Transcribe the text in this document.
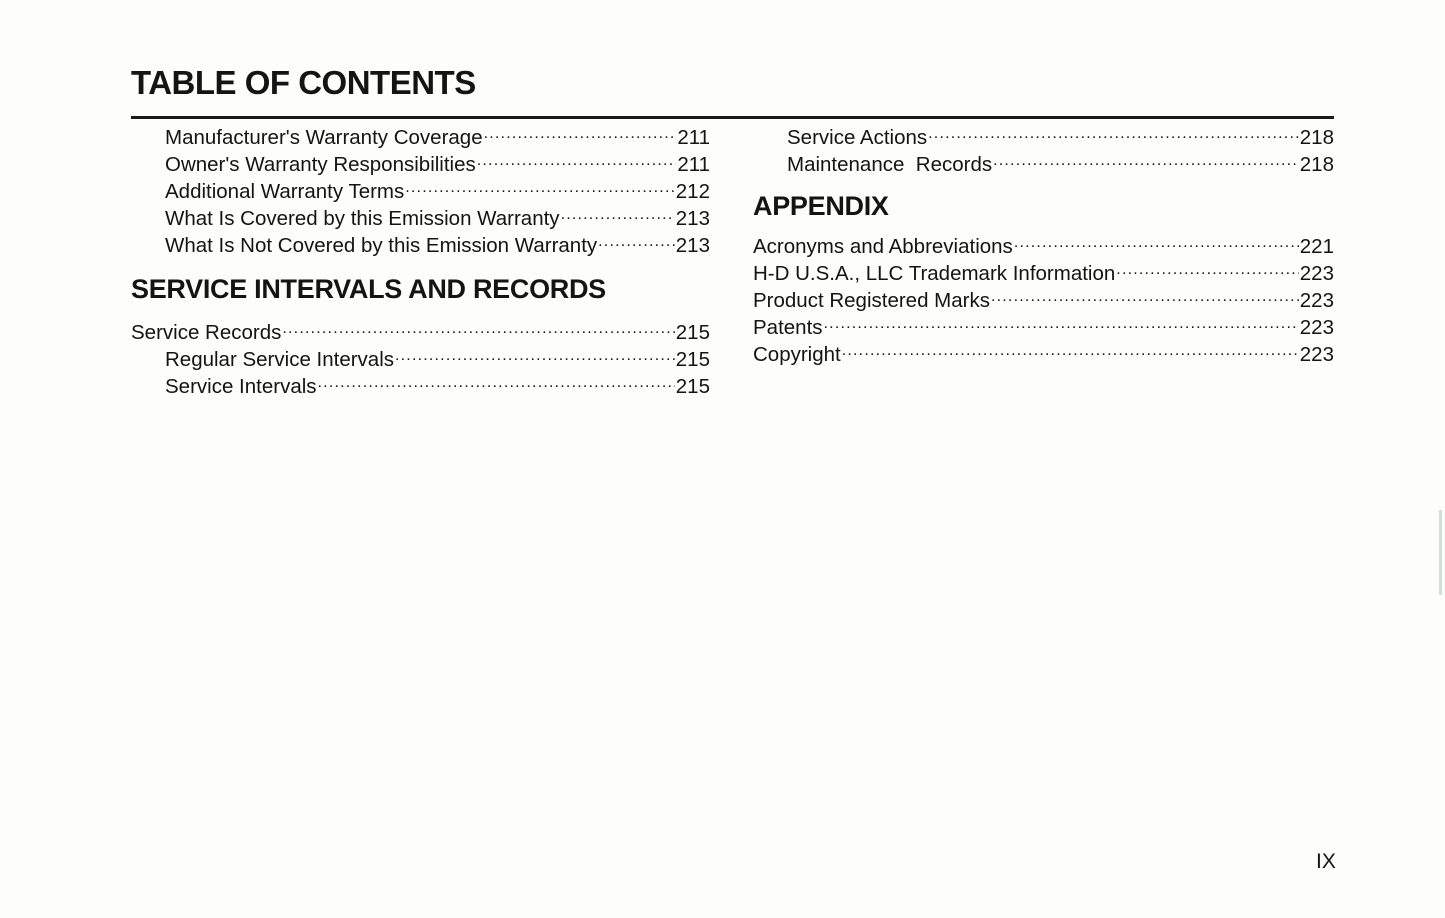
TABLE OF CONTENTS
Manufacturer's Warranty Coverage .....	211
Owner's Warranty Responsibilities .....	211
Additional Warranty Terms .....	212
What Is Covered by this Emission Warranty .....	213
What Is Not Covered by this Emission Warranty .....	213
SERVICE INTERVALS AND RECORDS
Service Records .....	215
Regular Service Intervals .....	215
Service Intervals .....	215
Service Actions .....	218
Maintenance  Records .....	218
APPENDIX
Acronyms and Abbreviations .....	221
H-D U.S.A., LLC Trademark Information .....	223
Product Registered Marks .....	223
Patents .....	223
Copyright .....	223
IX
